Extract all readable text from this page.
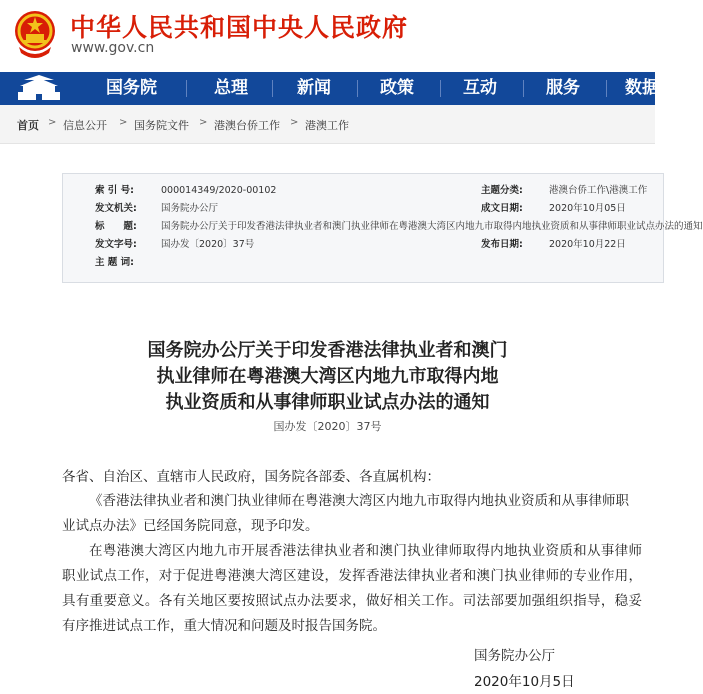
中华人民共和国中央人民政府
www.gov.cn
国务院	总理	新闻	政策	互动	服务	数据
首页 > 信息公开 > 国务院文件 > 港澳台侨工作 > 港澳工作
索 引 号:	000014349/2020-00102	主题分类:	港澳台侨工作\港澳工作
发文机关:	国务院办公厅	成文日期:	2020年10月05日
标　　题:	国务院办公厅关于印发香港法律执业者和澳门执业律师在粤港澳大湾区内地九市取得内地执业资质和从事律师职业试点办法的通知
发文字号:	国办发〔2020〕37号	发布日期:	2020年10月22日
主 题 词:
国务院办公厅关于印发香港法律执业者和澳门
执业律师在粤港澳大湾区内地九市取得内地
执业资质和从事律师职业试点办法的通知
国办发〔2020〕37号
各省、自治区、直辖市人民政府，国务院各部委、各直属机构：
《香港法律执业者和澳门执业律师在粤港澳大湾区内地九市取得内地执业资质和从事律师职业试点办法》已经国务院同意，现予印发。
在粤港澳大湾区内地九市开展香港法律执业者和澳门执业律师取得内地执业资质和从事律师职业试点工作，对于促进粤港澳大湾区建设，发挥香港法律执业者和澳门执业律师的专业作用，具有重要意义。各有关地区要按照试点办法要求，做好相关工作。司法部要加强组织指导，稳妥有序推进试点工作，重大情况和问题及时报告国务院。
国务院办公厅
2020年10月5日
